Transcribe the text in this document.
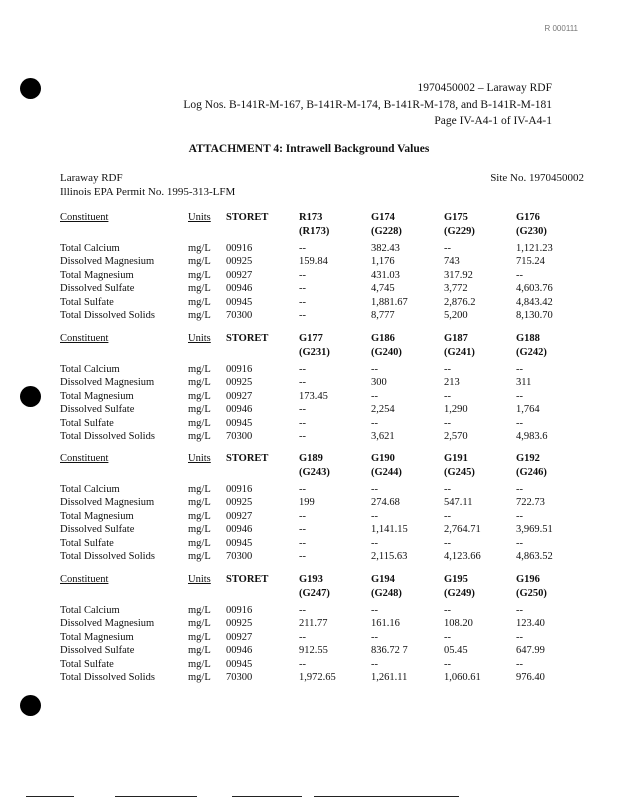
R 000111
1970450002 – Laraway RDF
Log Nos. B-141R-M-167, B-141R-M-174, B-141R-M-178, and B-141R-M-181
Page IV-A4-1 of IV-A4-1
ATTACHMENT 4: Intrawell Background Values
Laraway RDF
Illinois EPA Permit No. 1995-313-LFM
Site No. 1970450002
Constituent	Units	STORET	R173	G174	G175	G176
			(R173)	(G228)	(G229)	(G230)
Total Calcium	mg/L	00916	--	382.43	--	1,121.23
Dissolved Magnesium	mg/L	00925	159.84	1,176	743	715.24
Total Magnesium	mg/L	00927	--	431.03	317.92	--
Dissolved Sulfate	mg/L	00946	--	4,745	3,772	4,603.76
Total Sulfate	mg/L	00945	--	1,881.67	2,876.2	4,843.42
Total Dissolved Solids	mg/L	70300	--	8,777	5,200	8,130.70
Constituent	Units	STORET	G177	G186	G187	G188
			(G231)	(G240)	(G241)	(G242)
Total Calcium	mg/L	00916	--	--	--	--
Dissolved Magnesium	mg/L	00925	--	300	213	311
Total Magnesium	mg/L	00927	173.45	--	--	--
Dissolved Sulfate	mg/L	00946	--	2,254	1,290	1,764
Total Sulfate	mg/L	00945	--	--	--	--
Total Dissolved Solids	mg/L	70300	--	3,621	2,570	4,983.6
Constituent	Units	STORET	G189	G190	G191	G192
			(G243)	(G244)	(G245)	(G246)
Total Calcium	mg/L	00916	--	--	--	--
Dissolved Magnesium	mg/L	00925	199	274.68	547.11	722.73
Total Magnesium	mg/L	00927	--	--	--	--
Dissolved Sulfate	mg/L	00946	--	1,141.15	2,764.71	3,969.51
Total Sulfate	mg/L	00945	--	--	--	--
Total Dissolved Solids	mg/L	70300	--	2,115.63	4,123.66	4,863.52
Constituent	Units	STORET	G193	G194	G195	G196
			(G247)	(G248)	(G249)	(G250)
Total Calcium	mg/L	00916	--	--	--	--
Dissolved Magnesium	mg/L	00925	211.77	161.16	108.20	123.40
Total Magnesium	mg/L	00927	--	--	--	--
Dissolved Sulfate	mg/L	00946	912.55	836.72 7	05.45	647.99
Total Sulfate	mg/L	00945	--	--	--	--
Total Dissolved Solids	mg/L	70300	1,972.65	1,261.11	1,060.61	976.40
